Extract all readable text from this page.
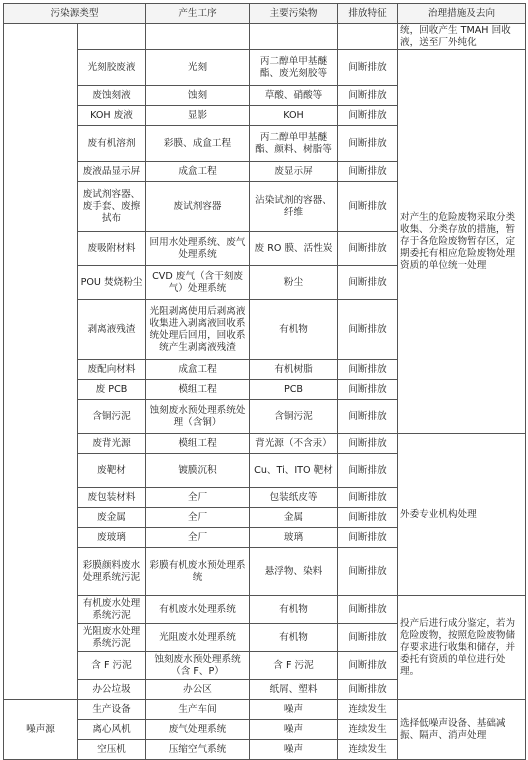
污染源类型		产生工序	主要污染物	排放特征	治理措施及去向
					统，回收产生 TMAH 回收液，送至厂外纯化
	光刻胶废液	光刻	丙二醇单甲基醚酯、废光刻胶等	间断排放	对产生的危险废物采取分类收集、分类存放的措施，暂存于各危险废物暂存区，定期委托有相应危险废物处理资质的单位统一处理
	废蚀刻液	蚀刻	草酸、硝酸等	间断排放	
	KOH 废液	显影	KOH	间断排放	
	废有机溶剂	彩膜、成盒工程	丙二醇单甲基醚酯、颜料、树脂等	间断排放	
	废液晶显示屏	成盒工程	废显示屏	间断排放	
	废试剂容器、废手套、废擦拭布	废试剂容器	沾染试剂的容器、纤维	间断排放	
	废吸附材料	回用水处理系统、废气处理系统	废 RO 膜、活性炭	间断排放	
	POU 焚烧粉尘	CVD 废气（含干刻废气）处理系统	粉尘	间断排放	
	剥离液残渣	光阻剥离使用后剥离液收集进入剥离液回收系统处理后回用，回收系统产生剥离液残渣	有机物	间断排放	
	废配向材料	成盒工程	有机树脂	间断排放	
	废 PCB	模组工程	PCB	间断排放	
	含铜污泥	蚀刻废水预处理系统处理（含铜）	含铜污泥	间断排放	
	废背光源	模组工程	背光源（不含汞）	间断排放	外委专业机构处理
	废靶材	镀膜沉积	Cu、Ti、ITO 靶材	间断排放	
	废包装材料	全厂	包装纸皮等	间断排放	
	废金属	全厂	金属	间断排放	
	废玻璃	全厂	玻璃	间断排放	
	彩膜颜料废水处理系统污泥	彩膜有机废水预处理系统	悬浮物、染料	间断排放	
	有机废水处理系统污泥	有机废水处理系统	有机物	间断排放	投产后进行成分鉴定，若为危险废物，按照危险废物储存要求进行收集和储存，并委托有资质的单位进行处理。
	光阻废水处理系统污泥	光阻废水处理系统	有机物	间断排放	
	含 F 污泥	蚀刻废水预处理系统（含 F、P）	含 F 污泥	间断排放	
	办公垃圾	办公区	纸屑、塑料	间断排放	
噪声源	生产设备	生产车间	噪声	连续发生	选择低噪声设备、基础减振、隔声、消声处理
	离心风机	废气处理系统	噪声	连续发生	
	空压机	压缩空气系统	噪声	连续发生	
